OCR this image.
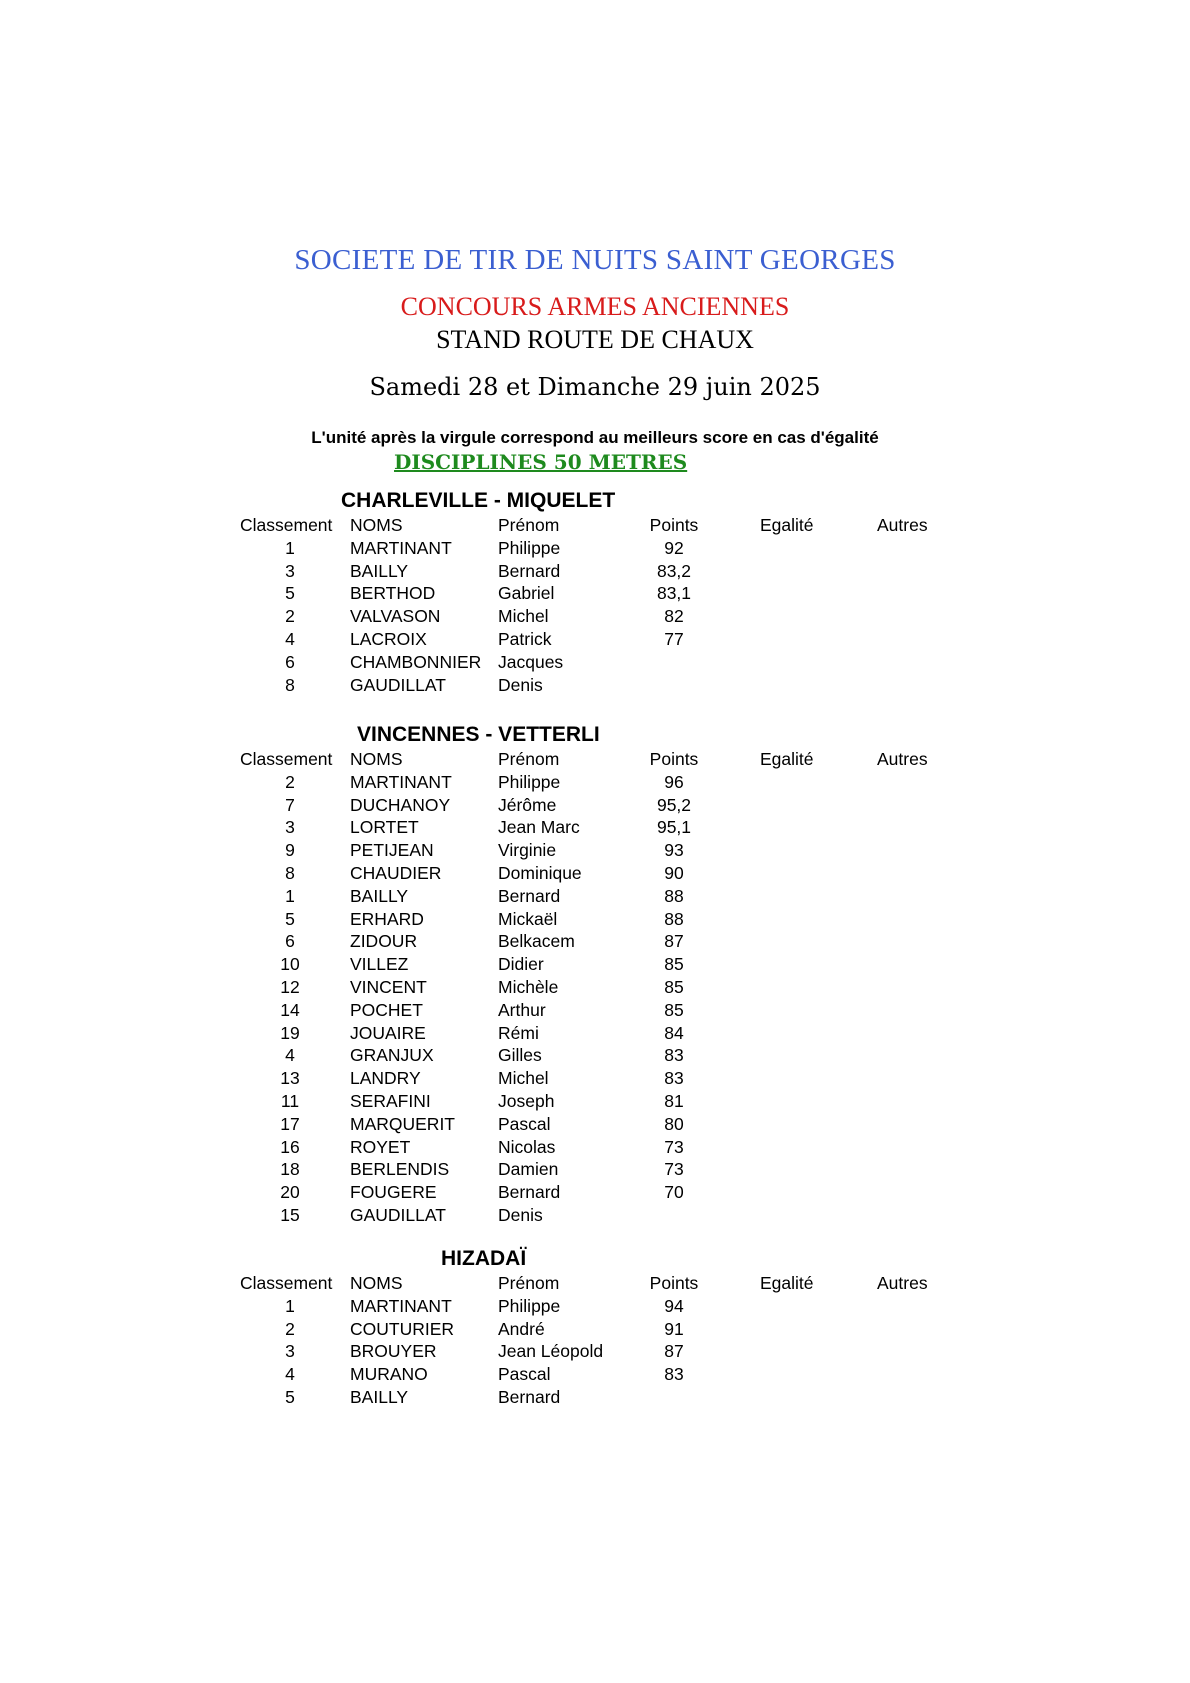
SOCIETE DE TIR DE NUITS SAINT GEORGES
CONCOURS ARMES ANCIENNES
STAND ROUTE DE CHAUX
Samedi 28 et Dimanche 29 juin 2025
L'unité après la virgule correspond au meilleurs score en cas d'égalité
DISCIPLINES 50 METRES
CHARLEVILLE - MIQUELET
Classement NOMS	Prénom	Points	Egalité	Autres
1	MARTINANT	Philippe	92
3	BAILLY	Bernard	83,2
5	BERTHOD	Gabriel	83,1
2	VALVASON	Michel	82
4	LACROIX	Patrick	77
6	CHAMBONNIER Jacques
8	GAUDILLAT	Denis
VINCENNES - VETTERLI
Classement NOMS	Prénom	Points	Egalité	Autres
2	MARTINANT	Philippe	96
7	DUCHANOY	Jérôme	95,2
3	LORTET	Jean Marc	95,1
9	PETIJEAN	Virginie	93
8	CHAUDIER	Dominique	90
1	BAILLY	Bernard	88
5	ERHARD	Mickaël	88
6	ZIDOUR	Belkacem	87
10	VILLEZ	Didier	85
12	VINCENT	Michèle	85
14	POCHET	Arthur	85
19	JOUAIRE	Rémi	84
4	GRANJUX	Gilles	83
13	LANDRY	Michel	83
11	SERAFINI	Joseph	81
17	MARQUERIT Pascal	80
16	ROYET	Nicolas	73
18	BERLENDIS	Damien	73
20	FOUGERE	Bernard	70
15	GAUDILLAT	Denis
HIZADAÏ
Classement NOMS	Prénom	Points	Egalité	Autres
1	MARTINANT	Philippe	94
2	COUTURIER	André	91
3	BROUYER	Jean Léopold	87
4	MURANO	Pascal	83
5	BAILLY	Bernard
